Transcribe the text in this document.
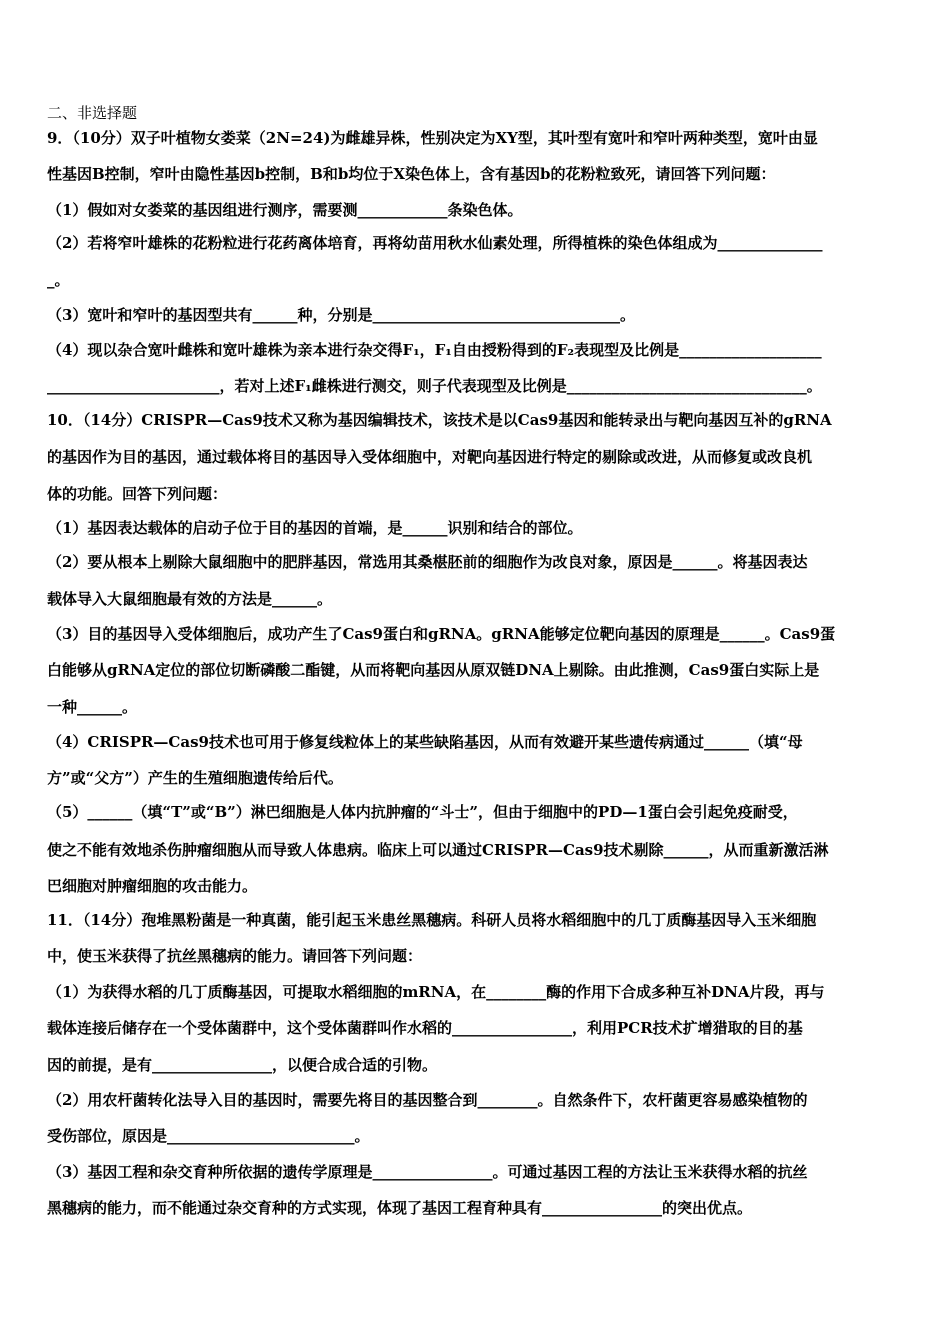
二、非选择题
9．（10分）双子叶植物女娄菜（2N=24)为雌雄异株，性别决定为XY型，其叶型有宽叶和窄叶两种类型，宽叶由显
性基因B控制，窄叶由隐性基因b控制，B和b均位于X染色体上，含有基因b的花粉粒致死，请回答下列问题：
（1）假如对女娄菜的基因组进行测序，需要测____________条染色体。
（2）若将窄叶雄株的花粉粒进行花药离体培育，再将幼苗用秋水仙素处理，所得植株的染色体组成为______________
_。
（3）宽叶和窄叶的基因型共有______种，分别是_________________________________。
（4）现以杂合宽叶雌株和宽叶雄株为亲本进行杂交得F₁，F₁自由授粉得到的F₂表现型及比例是___________________
_______________________，若对上述F₁雌株进行测交，则子代表现型及比例是________________________________。
10．（14分）CRISPR—Cas9技术又称为基因编辑技术，该技术是以Cas9基因和能转录出与靶向基因互补的gRNA
的基因作为目的基因，通过载体将目的基因导入受体细胞中，对靶向基因进行特定的剔除或改进，从而修复或改良机
体的功能。回答下列问题：
（1）基因表达载体的启动子位于目的基因的首端，是______识别和结合的部位。
（2）要从根本上剔除大鼠细胞中的肥胖基因，常选用其桑椹胚前的细胞作为改良对象，原因是______。将基因表达
载体导入大鼠细胞最有效的方法是______。
（3）目的基因导入受体细胞后，成功产生了Cas9蛋白和gRNA。gRNA能够定位靶向基因的原理是______。Cas9蛋
白能够从gRNA定位的部位切断磷酸二酯键，从而将靶向基因从原双链DNA上剔除。由此推测，Cas9蛋白实际上是
一种______。
（4）CRISPR—Cas9技术也可用于修复线粒体上的某些缺陷基因，从而有效避开某些遗传病通过______（填“母
方”或“父方”）产生的生殖细胞遗传给后代。
（5）______（填“T”或“B”）淋巴细胞是人体内抗肿瘤的“斗士”，但由于细胞中的PD—1蛋白会引起免疫耐受，
使之不能有效地杀伤肿瘤细胞从而导致人体患病。临床上可以通过CRISPR—Cas9技术剔除______，从而重新激活淋
巴细胞对肿瘤细胞的攻击能力。
11．（14分）孢堆黑粉菌是一种真菌，能引起玉米患丝黑穗病。科研人员将水稻细胞中的几丁质酶基因导入玉米细胞
中，使玉米获得了抗丝黑穗病的能力。请回答下列问题：
（1）为获得水稻的几丁质酶基因，可提取水稻细胞的mRNA，在________酶的作用下合成多种互补DNA片段，再与
载体连接后储存在一个受体菌群中，这个受体菌群叫作水稻的________________，利用PCR技术扩增猎取的目的基
因的前提，是有________________，以便合成合适的引物。
（2）用农杆菌转化法导入目的基因时，需要先将目的基因整合到________。自然条件下，农杆菌更容易感染植物的
受伤部位，原因是_________________________。
（3）基因工程和杂交育种所依据的遗传学原理是________________。可通过基因工程的方法让玉米获得水稻的抗丝
黑穗病的能力，而不能通过杂交育种的方式实现，体现了基因工程育种具有________________的突出优点。
